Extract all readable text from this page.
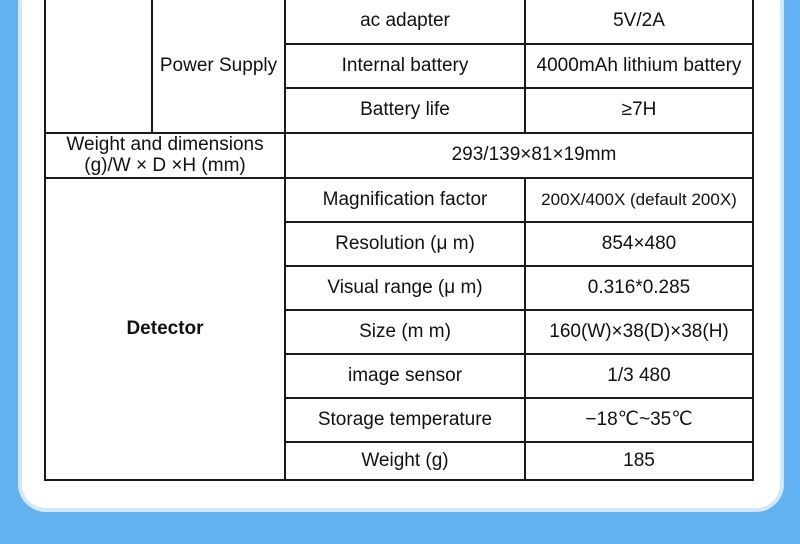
	Power Supply	ac adapter	5V/2A
		Internal battery	4000mAh lithium battery
		Battery life	≥7H

Weight and dimensions
(g)/W × D ×H (mm)		293/139×81×19mm	
Detector		Magnification factor	200X/400X (default 200X)
		Resolution (μ m)	854×480
		Visual range (μ m)	0.316*0.285
		Size (m m)	160(W)×38(D)×38(H)
		image sensor	1/3 480
		Storage temperature	−18℃~35℃
		Weight (g)	185
